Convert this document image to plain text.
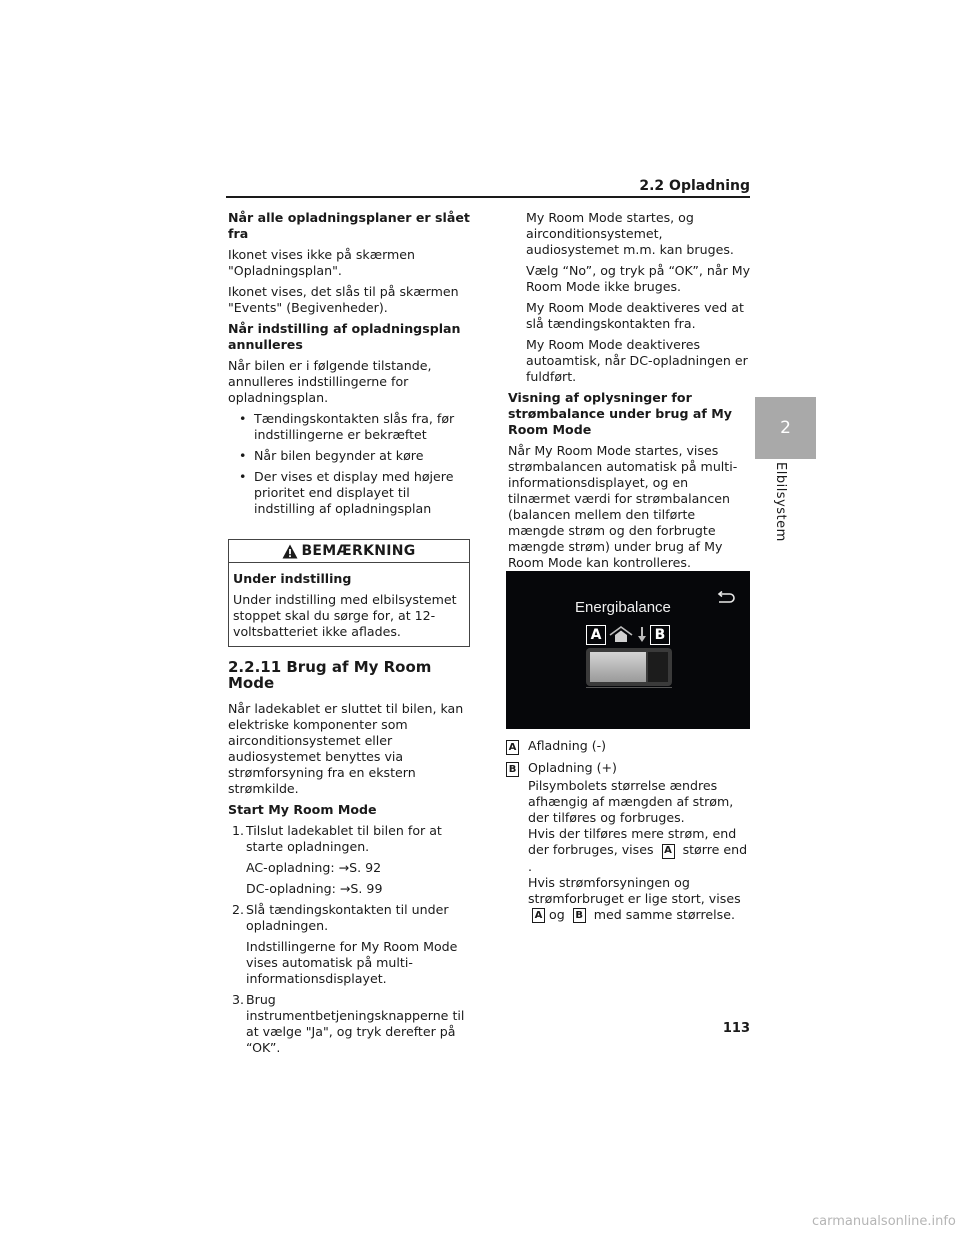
2.2 Opladning
2
Elbilsystem

Når alle opladningsplaner er slået fra

Ikonet vises ikke på skærmen "Opladningsplan".

Ikonet vises, det slås til på skærmen "Events" (Begivenheder).

Når indstilling af opladningsplan annulleres

Når bilen er i følgende tilstande, annulleres indstillingerne for opladningsplan.

• Tændingskontakten slås fra, før indstillingerne er bekræftet

• Når bilen begynder at køre

• Der vises et display med højere prioritet end displayet til indstilling af opladningsplan

BEMÆRKNING

Under indstilling

Under indstilling med elbilsystemet stoppet skal du sørge for, at 12-voltsbatteriet ikke aflades.

2.2.11 Brug af My Room Mode

Når ladekablet er sluttet til bilen, kan elektriske komponenter som airconditionsystemet eller audiosystemet benyttes via strømforsyning fra en ekstern strømkilde.

Start My Room Mode

1. Tilslut ladekablet til bilen for at starte opladningen.

AC-opladning: →S. 92

DC-opladning: →S. 99

2. Slå tændingskontakten til under opladningen.

Indstillingerne for My Room Mode vises automatisk på multi-informationsdisplayet.

3. Brug instrumentbetjeningsknapperne til at vælge "Ja", og tryk derefter på “OK”.

My Room Mode startes, og airconditionsystemet, audiosystemet m.m. kan bruges.

Vælg “No”, og tryk på “OK”, når My Room Mode ikke bruges.

My Room Mode deaktiveres ved at slå tændingskontakten fra.

My Room Mode deaktiveres autoamtisk, når DC-opladningen er fuldført.

Visning af oplysninger for strømbalance under brug af My Room Mode

Når My Room Mode startes, vises strømbalancen automatisk på multi-informationsdisplayet, og en tilnærmet værdi for strømbalancen (balancen mellem den tilførte mængde strøm og den forbrugte mængde strøm) under brug af My Room Mode kan kontrolleres.

Energibalance
A	B
A Afladning (-)
B Opladning (+)
Pilsymbolets størrelse ændres afhængig af mængden af strøm, der tilføres og forbruges.
Hvis der tilføres mere strøm, end der forbruges, vises A større end .
Hvis strømforsyningen og strømforbruget er lige stort, vises A og B med samme størrelse.
113
carmanualsonline.info
